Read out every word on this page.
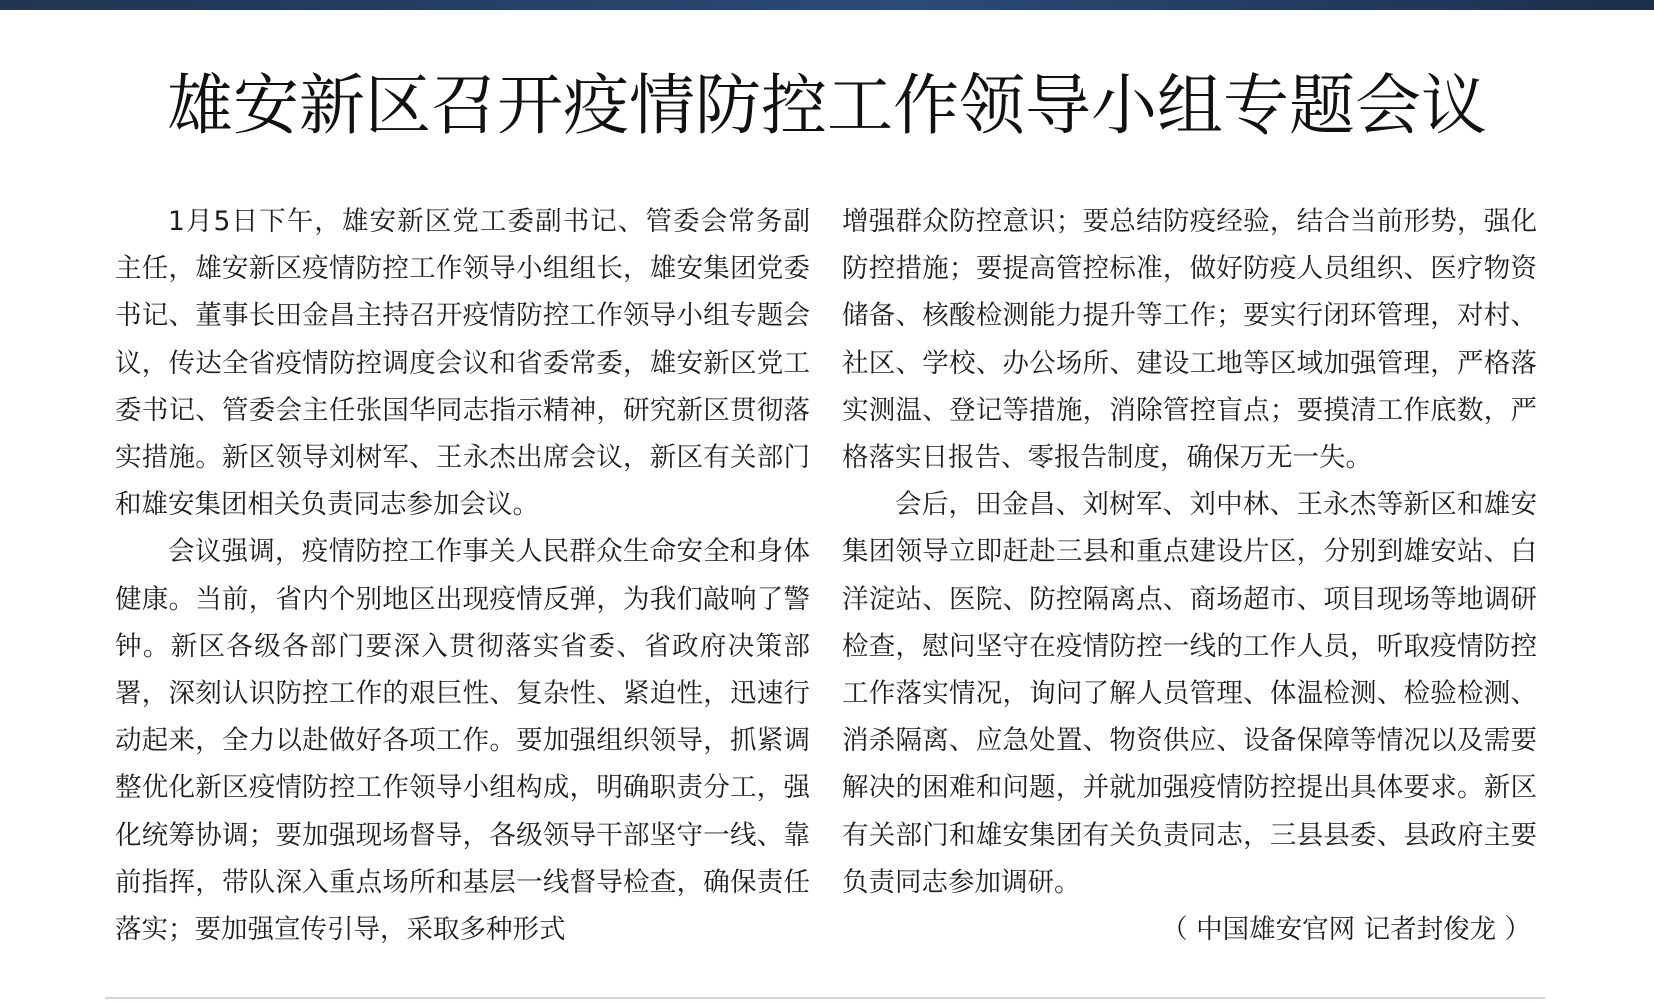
雄安新区召开疫情防控工作领导小组专题会议

1月5日下午，雄安新区党工委副书记、管委会常务副主任，雄安新区疫情防控工作领导小组组长，雄安集团党委书记、董事长田金昌主持召开疫情防控工作领导小组专题会议，传达全省疫情防控调度会议和省委常委，雄安新区党工委书记、管委会主任张国华同志指示精神，研究新区贯彻落实措施。新区领导刘树军、王永杰出席会议，新区有关部门和雄安集团相关负责同志参加会议。

会议强调，疫情防控工作事关人民群众生命安全和身体健康。当前，省内个别地区出现疫情反弹，为我们敲响了警钟。新区各级各部门要深入贯彻落实省委、省政府决策部署，深刻认识防控工作的艰巨性、复杂性、紧迫性，迅速行动起来，全力以赴做好各项工作。要加强组织领导，抓紧调整优化新区疫情防控工作领导小组构成，明确职责分工，强化统筹协调；要加强现场督导，各级领导干部坚守一线、靠前指挥，带队深入重点场所和基层一线督导检查，确保责任落实；要加强宣传引导，采取多种形式

增强群众防控意识；要总结防疫经验，结合当前形势，强化防控措施；要提高管控标准，做好防疫人员组织、医疗物资储备、核酸检测能力提升等工作；要实行闭环管理，对村、社区、学校、办公场所、建设工地等区域加强管理，严格落实测温、登记等措施，消除管控盲点；要摸清工作底数，严格落实日报告、零报告制度，确保万无一失。

会后，田金昌、刘树军、刘中林、王永杰等新区和雄安集团领导立即赶赴三县和重点建设片区，分别到雄安站、白洋淀站、医院、防控隔离点、商场超市、项目现场等地调研检查，慰问坚守在疫情防控一线的工作人员，听取疫情防控工作落实情况，询问了解人员管理、体温检测、检验检测、消杀隔离、应急处置、物资供应、设备保障等情况以及需要解决的困难和问题，并就加强疫情防控提出具体要求。新区有关部门和雄安集团有关负责同志，三县县委、县政府主要负责同志参加调研。

（ 中国雄安官网 记者封俊龙 ）
